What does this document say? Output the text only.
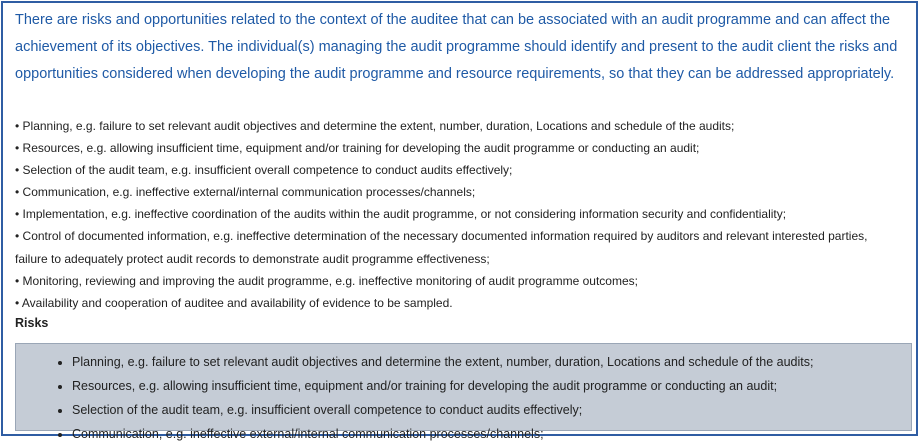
There are risks and opportunities related to the context of the auditee that can be associated with an audit programme and can affect the achievement of its objectives. The individual(s) managing the audit programme should identify and present to the audit client the risks and opportunities considered when developing the audit programme and resource requirements, so that they can be addressed appropriately.

• Planning, e.g. failure to set relevant audit objectives and determine the extent, number, duration, Locations and schedule of the audits;

• Resources, e.g. allowing insufficient time, equipment and/or training for developing the audit programme or conducting an audit;

• Selection of the audit team, e.g. insufficient overall competence to conduct audits effectively;

• Communication, e.g. ineffective external/internal communication processes/channels;

• Implementation, e.g. ineffective coordination of the audits within the audit programme, or not considering information security and confidentiality;

• Control of documented information, e.g. ineffective determination of the necessary documented information required by auditors and relevant interested parties,

failure to adequately protect audit records to demonstrate audit programme effectiveness;

• Monitoring, reviewing and improving the audit programme, e.g. ineffective monitoring of audit programme outcomes;

• Availability and cooperation of auditee and availability of evidence to be sampled.

Risks
• Planning, e.g. failure to set relevant audit objectives and determine the extent, number, duration, Locations and schedule of the audits;
• Resources, e.g. allowing insufficient time, equipment and/or training for developing the audit programme or conducting an audit;
• Selection of the audit team, e.g. insufficient overall competence to conduct audits effectively;
• Communication, e.g. ineffective external/internal communication processes/channels;
